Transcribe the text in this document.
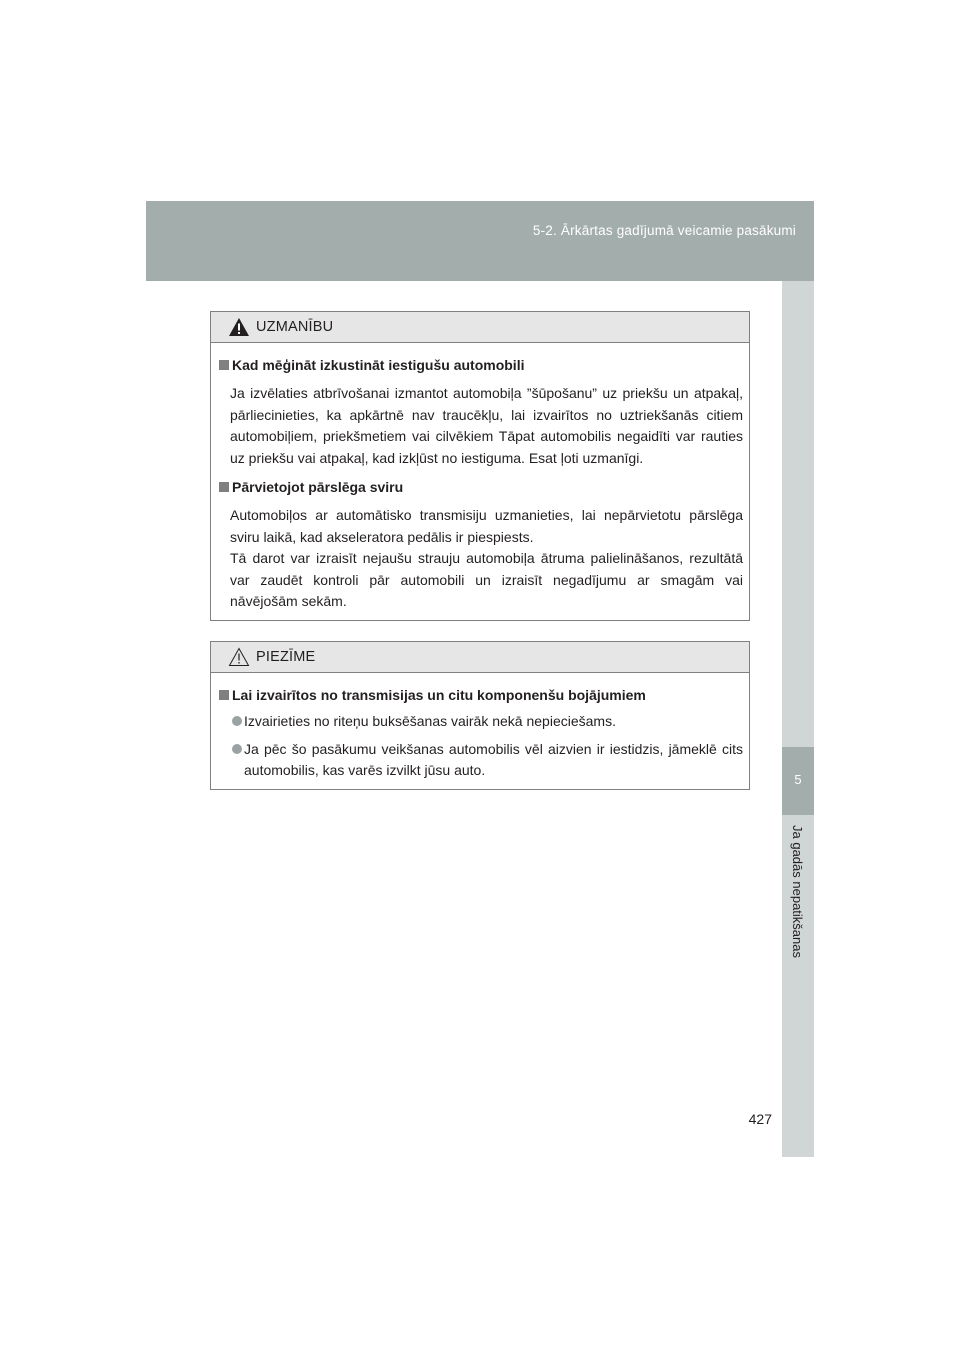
5-2. Ārkārtas gadījumā veicamie pasākumi
5
Ja gadās nepatikšanas
UZMANĪBU
Kad mēģināt izkustināt iestigušu automobili
Ja izvēlaties atbrīvošanai izmantot automobiļa ”šūpošanu” uz priekšu un atpakaļ, pārliecinieties, ka apkārtnē nav traucēkļu, lai izvairītos no uztriekšanās citiem automobiļiem, priekšmetiem vai cilvēkiem Tāpat automobilis negaidīti var rauties uz priekšu vai atpakaļ, kad izkļūst no iestiguma. Esat ļoti uzmanīgi.
Pārvietojot pārslēga sviru
Automobiļos ar automātisko transmisiju uzmanieties, lai nepārvietotu pārslēga sviru laikā, kad akseleratora pedālis ir piespiests.
Tā darot var izraisīt nejaušu strauju automobiļa ātruma palielināšanos, rezultātā var zaudēt kontroli pār automobili un izraisīt negadījumu ar smagām vai nāvējošām sekām.
PIEZĪME
Lai izvairītos no transmisijas un citu komponenšu bojājumiem
Izvairieties no riteņu buksēšanas vairāk nekā nepieciešams.
Ja pēc šo pasākumu veikšanas automobilis vēl aizvien ir iestidzis, jāmeklē cits automobilis, kas varēs izvilkt jūsu auto.
427
